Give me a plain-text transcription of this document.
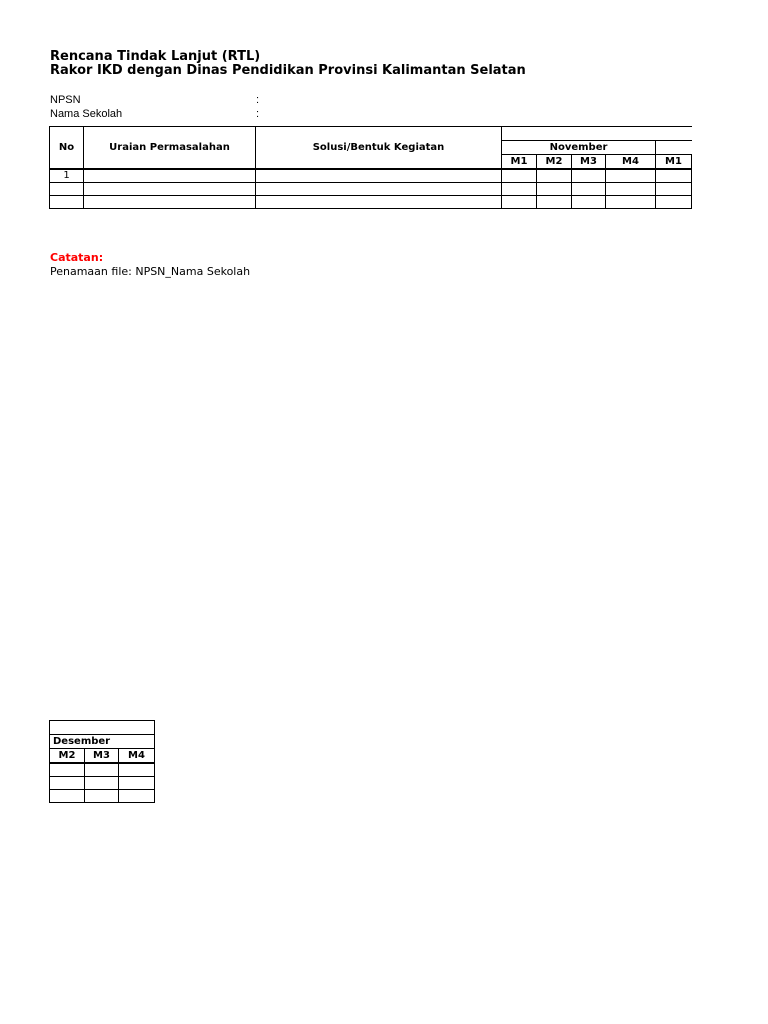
Rencana Tindak Lanjut (RTL)
Rakor IKD dengan Dinas Pendidikan Provinsi Kalimantan Selatan
NPSN	:
Nama Sekolah	:
No	Uraian Permasalahan	Solusi/Bentuk Kegiatan					
			November				
			M1	M2	M3	M4	M1
1							

Catatan:
Penamaan file: NPSN_Nama Sekolah

Desember		
M2	M3	M4
